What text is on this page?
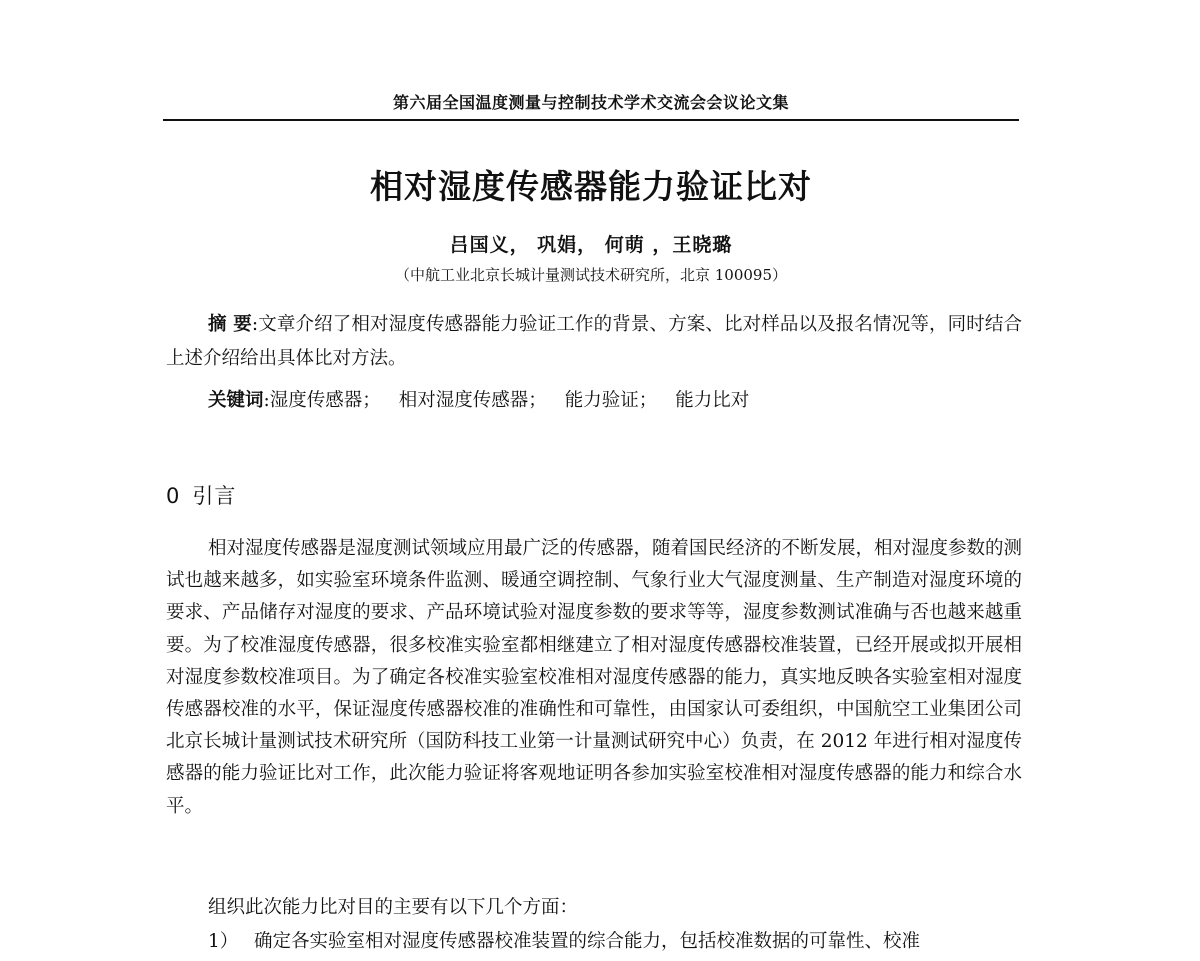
第六届全国温度测量与控制技术学术交流会会议论文集
相对湿度传感器能力验证比对
吕国义， 巩娟， 何萌 ，王晓璐
（中航工业北京长城计量测试技术研究所，北京 100095）

摘 要:文章介绍了相对湿度传感器能力验证工作的背景、方案、比对样品以及报名情况等，同时结合上述介绍给出具体比对方法。

关键词:湿度传感器； 相对湿度传感器； 能力验证； 能力比对

0 引言

相对湿度传感器是湿度测试领域应用最广泛的传感器，随着国民经济的不断发展，相对湿度参数的测试也越来越多，如实验室环境条件监测、暖通空调控制、气象行业大气湿度测量、生产制造对湿度环境的要求、产品储存对湿度的要求、产品环境试验对湿度参数的要求等等，湿度参数测试准确与否也越来越重要。为了校准湿度传感器，很多校准实验室都相继建立了相对湿度传感器校准装置，已经开展或拟开展相对湿度参数校准项目。为了确定各校准实验室校准相对湿度传感器的能力，真实地反映各实验室相对湿度传感器校准的水平，保证湿度传感器校准的准确性和可靠性，由国家认可委组织，中国航空工业集团公司北京长城计量测试技术研究所（国防科技工业第一计量测试研究中心）负责，在 2012 年进行相对湿度传感器的能力验证比对工作，此次能力验证将客观地证明各参加实验室校准相对湿度传感器的能力和综合水平。

组织此次能力比对目的主要有以下几个方面：

1） 确定各实验室相对湿度传感器校准装置的综合能力，包括校准数据的可靠性、校准
